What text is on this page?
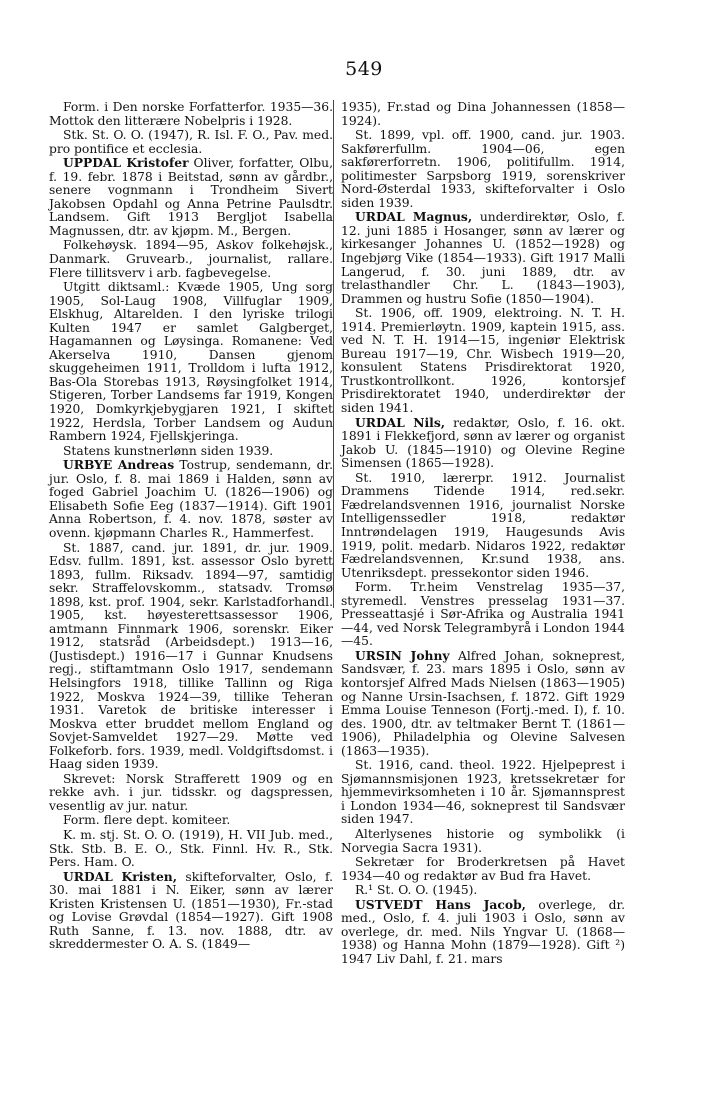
549

Form. i Den norske Forfatterfor. 1935—36. Mottok den litterære Nobelpris i 1928.

Stk. St. O. O. (1947), R. Isl. F. O., Pav. med. pro pontifice et ecclesia.

UPPDAL Kristofer Oliver, forfatter, Olbu, f. 19. febr. 1878 i Beitstad, sønn av gårdbr., senere vognmann i Trondheim Sivert Jakobsen Opdahl og Anna Petrine Paulsdtr. Landsem. Gift 1913 Bergljot Isabella Magnussen, dtr. av kjøpm. M., Bergen.

Folkehøysk. 1894—95, Askov folkehøjsk., Danmark. Gruvearb., journalist, rallare. Flere tillitsverv i arb. fagbevegelse.

Utgitt diktsaml.: Kvæde 1905, Ung sorg 1905, Sol-Laug 1908, Villfuglar 1909, Elskhug, Altarelden. I den lyriske trilogi Kulten 1947 er samlet Galgberget, Hagamannen og Løysinga. Romanene: Ved Akerselva 1910, Dansen gjenom skuggeheimen 1911, Trolldom i lufta 1912, Bas-Ola Storebas 1913, Røysingfolket 1914, Stigeren, Torber Landsems far 1919, Kongen 1920, Domkyrkjebygjaren 1921, I skiftet 1922, Herdsla, Torber Landsem og Audun Rambern 1924, Fjellskjeringa.

Statens kunstnerlønn siden 1939.

URBYE Andreas Tostrup, sendemann, dr. jur. Oslo, f. 8. mai 1869 i Halden, sønn av foged Gabriel Joachim U. (1826—1906) og Elisabeth Sofie Eeg (1837—1914). Gift 1901 Anna Robertson, f. 4. nov. 1878, søster av ovenn. kjøpmann Charles R., Hammerfest.

St. 1887, cand. jur. 1891, dr. jur. 1909. Edsv. fullm. 1891, kst. assessor Oslo byrett 1893, fullm. Riksadv. 1894—97, samtidig sekr. Straffelovskomm., statsadv. Tromsø 1898, kst. prof. 1904, sekr. Karlstadforhandl. 1905, kst. høyesterettsassessor 1906, amtmann Finnmark 1906, sorenskr. Eiker 1912, statsråd (Arbeidsdept.) 1913—16, (Justisdept.) 1916—17 i Gunnar Knudsens regj., stiftamtmann Oslo 1917, sendemann Helsingfors 1918, tillike Tallinn og Riga 1922, Moskva 1924—39, tillike Teheran 1931. Varetok de britiske interesser i Moskva etter bruddet mellom England og Sovjet-Samveldet 1927—29. Møtte ved Folkeforb. fors. 1939, medl. Voldgiftsdomst. i Haag siden 1939.

Skrevet: Norsk Strafferett 1909 og en rekke avh. i jur. tidsskr. og dagspressen, vesentlig av jur. natur.

Form. flere dept. komiteer.

K. m. stj. St. O. O. (1919), H. VII Jub. med., Stk. Stb. B. E. O., Stk. Finnl. Hv. R., Stk. Pers. Ham. O.

URDAL Kristen, skifteforvalter, Oslo, f. 30. mai 1881 i N. Eiker, sønn av lærer Kristen Kristensen U. (1851—1930), Fr.-stad og Lovise Grøvdal (1854—1927). Gift 1908 Ruth Sanne, f. 13. nov. 1888, dtr. av skreddermester O. A. S. (1849—

1935), Fr.stad og Dina Johannessen (1858—1924).

St. 1899, vpl. off. 1900, cand. jur. 1903. Sakførerfullm. 1904—06, egen sakførerforretn. 1906, politifullm. 1914, politimester Sarpsborg 1919, sorenskriver Nord-Østerdal 1933, skifteforvalter i Oslo siden 1939.

URDAL Magnus, underdirektør, Oslo, f. 12. juni 1885 i Hosanger, sønn av lærer og kirkesanger Johannes U. (1852—1928) og Ingebjørg Vike (1854—1933). Gift 1917 Malli Langerud, f. 30. juni 1889, dtr. av trelasthandler Chr. L. (1843—1903), Drammen og hustru Sofie (1850—1904).

St. 1906, off. 1909, elektroing. N. T. H. 1914. Premierløytn. 1909, kaptein 1915, ass. ved N. T. H. 1914—15, ingeniør Elektrisk Bureau 1917—19, Chr. Wisbech 1919—20, konsulent Statens Prisdirektorat 1920, Trustkontrollkont. 1926, kontorsjef Prisdirektoratet 1940, underdirektør der siden 1941.

URDAL Nils, redaktør, Oslo, f. 16. okt. 1891 i Flekkefjord, sønn av lærer og organist Jakob U. (1845—1910) og Olevine Regine Simensen (1865—1928).

St. 1910, lærerpr. 1912. Journalist Drammens Tidende 1914, red.sekr. Fædrelandsvennen 1916, journalist Norske Intelligenssedler 1918, redaktør Inntrøndelagen 1919, Haugesunds Avis 1919, polit. medarb. Nidaros 1922, redaktør Fædrelandsvennen, Kr.sund 1938, ans. Utenriksdept. pressekontor siden 1946.

Form. Tr.heim Venstrelag 1935—37, styremedl. Venstres presselag 1931—37. Presseattasjé i Sør-Afrika og Australia 1941—44, ved Norsk Telegrambyrå i London 1944—45.

URSIN Johny Alfred Johan, sokneprest, Sandsvær, f. 23. mars 1895 i Oslo, sønn av kontorsjef Alfred Mads Nielsen (1863—1905) og Nanne Ursin-Isachsen, f. 1872. Gift 1929 Emma Louise Tenneson (Fortj.-med. I), f. 10. des. 1900, dtr. av teltmaker Bernt T. (1861—1906), Philadelphia og Olevine Salvesen (1863—1935).

St. 1916, cand. theol. 1922. Hjelpeprest i Sjømannsmisjonen 1923, kretssekretær for hjemmevirksomheten i 10 år. Sjømannsprest i London 1934—46, sokneprest til Sandsvær siden 1947.

Alterlysenes historie og symbolikk (i Norvegia Sacra 1931).

Sekretær for Broderkretsen på Havet 1934—40 og redaktør av Bud fra Havet.

R.¹ St. O. O. (1945).

USTVEDT Hans Jacob, overlege, dr. med., Oslo, f. 4. juli 1903 i Oslo, sønn av overlege, dr. med. Nils Yngvar U. (1868—1938) og Hanna Mohn (1879—1928). Gift ²) 1947 Liv Dahl, f. 21. mars
